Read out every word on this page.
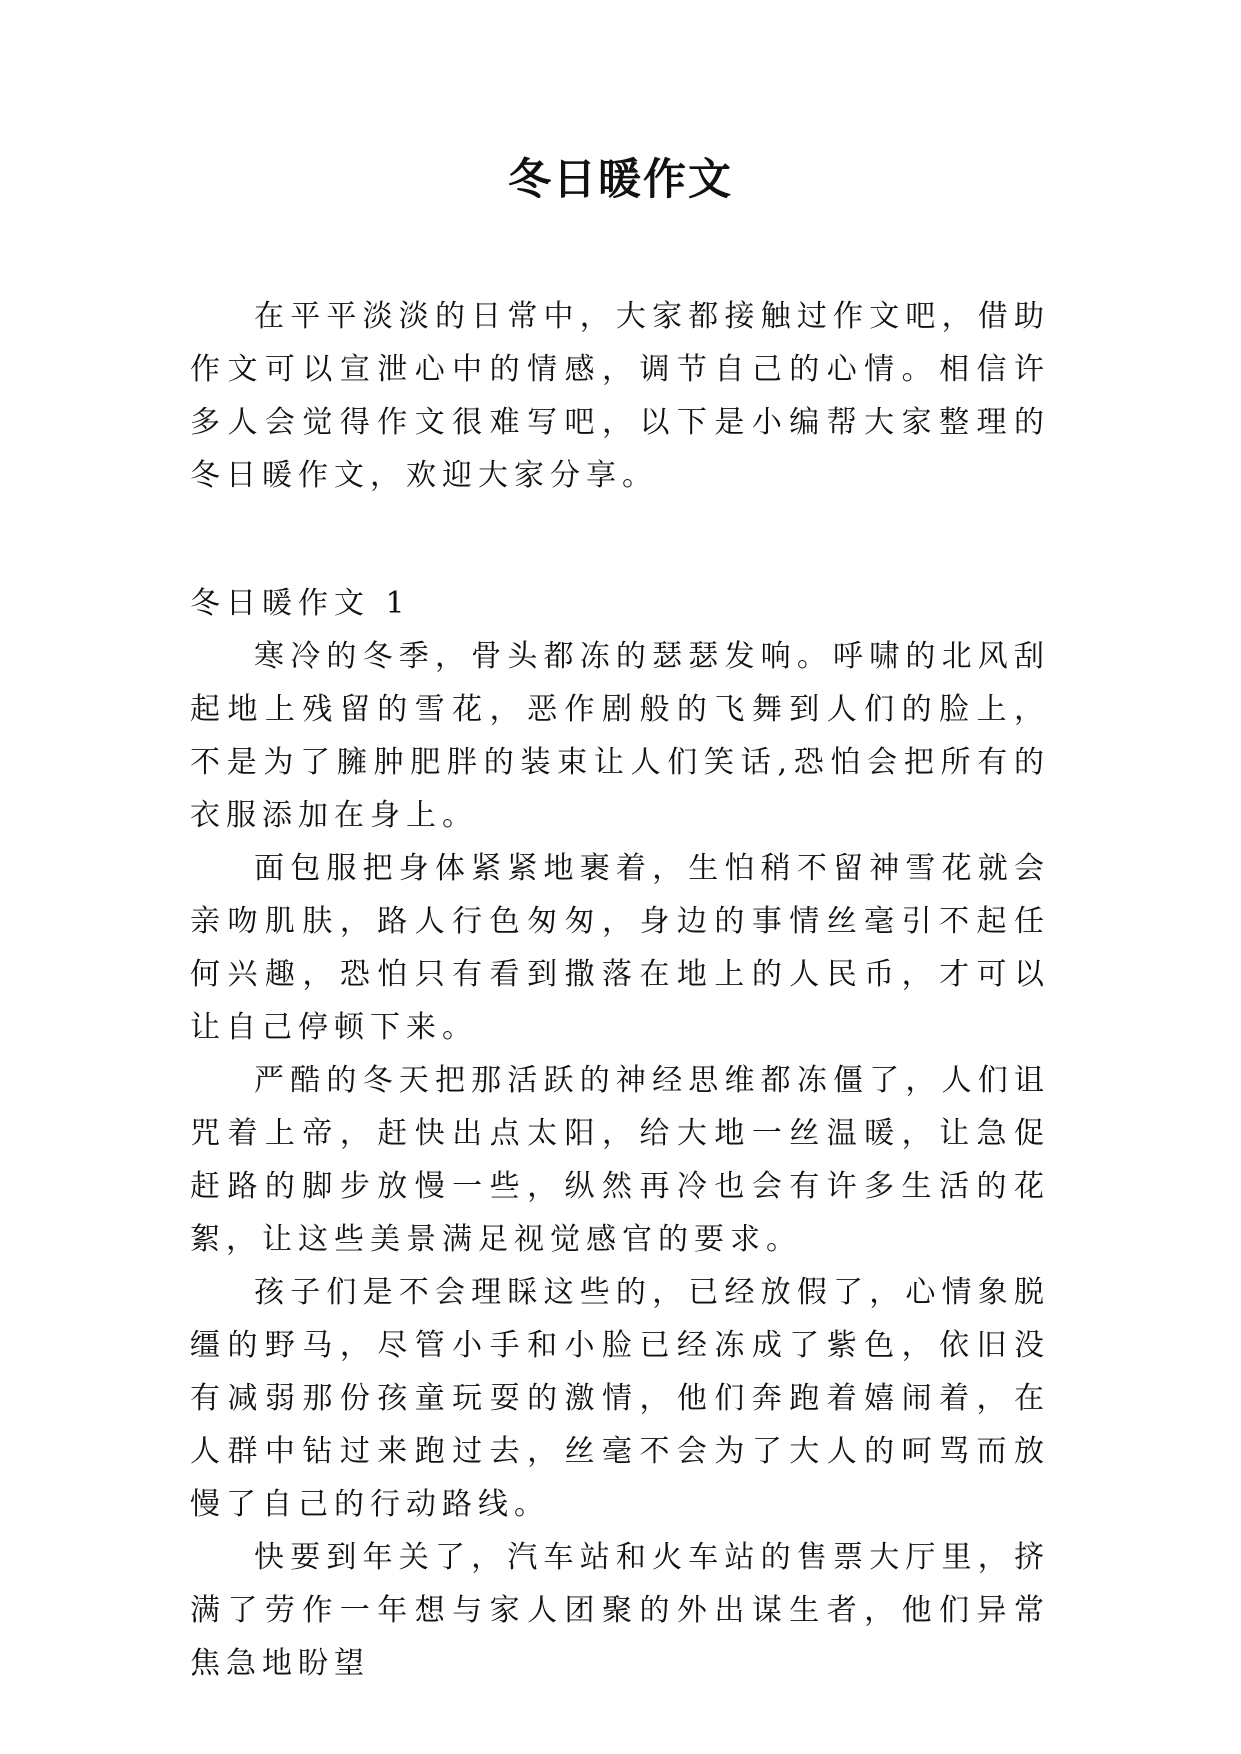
冬日暖作文

在平平淡淡的日常中，大家都接触过作文吧，借助作文可以宣泄心中的情感，调节自己的心情。相信许多人会觉得作文很难写吧，以下是小编帮大家整理的冬日暖作文，欢迎大家分享。

冬日暖作文 1

寒冷的冬季，骨头都冻的瑟瑟发响。呼啸的北风刮起地上残留的雪花，恶作剧般的飞舞到人们的脸上，不是为了臃肿肥胖的装束让人们笑话,恐怕会把所有的衣服添加在身上。

面包服把身体紧紧地裹着，生怕稍不留神雪花就会亲吻肌肤，路人行色匆匆，身边的事情丝毫引不起任何兴趣，恐怕只有看到撒落在地上的人民币，才可以让自己停顿下来。

严酷的冬天把那活跃的神经思维都冻僵了，人们诅咒着上帝，赶快出点太阳，给大地一丝温暖，让急促赶路的脚步放慢一些，纵然再冷也会有许多生活的花絮，让这些美景满足视觉感官的要求。

孩子们是不会理睬这些的，已经放假了，心情象脱缰的野马，尽管小手和小脸已经冻成了紫色，依旧没有减弱那份孩童玩耍的激情，他们奔跑着嬉闹着，在人群中钻过来跑过去，丝毫不会为了大人的呵骂而放慢了自己的行动路线。

快要到年关了，汽车站和火车站的售票大厅里，挤满了劳作一年想与家人团聚的外出谋生者，他们异常焦急地盼望
